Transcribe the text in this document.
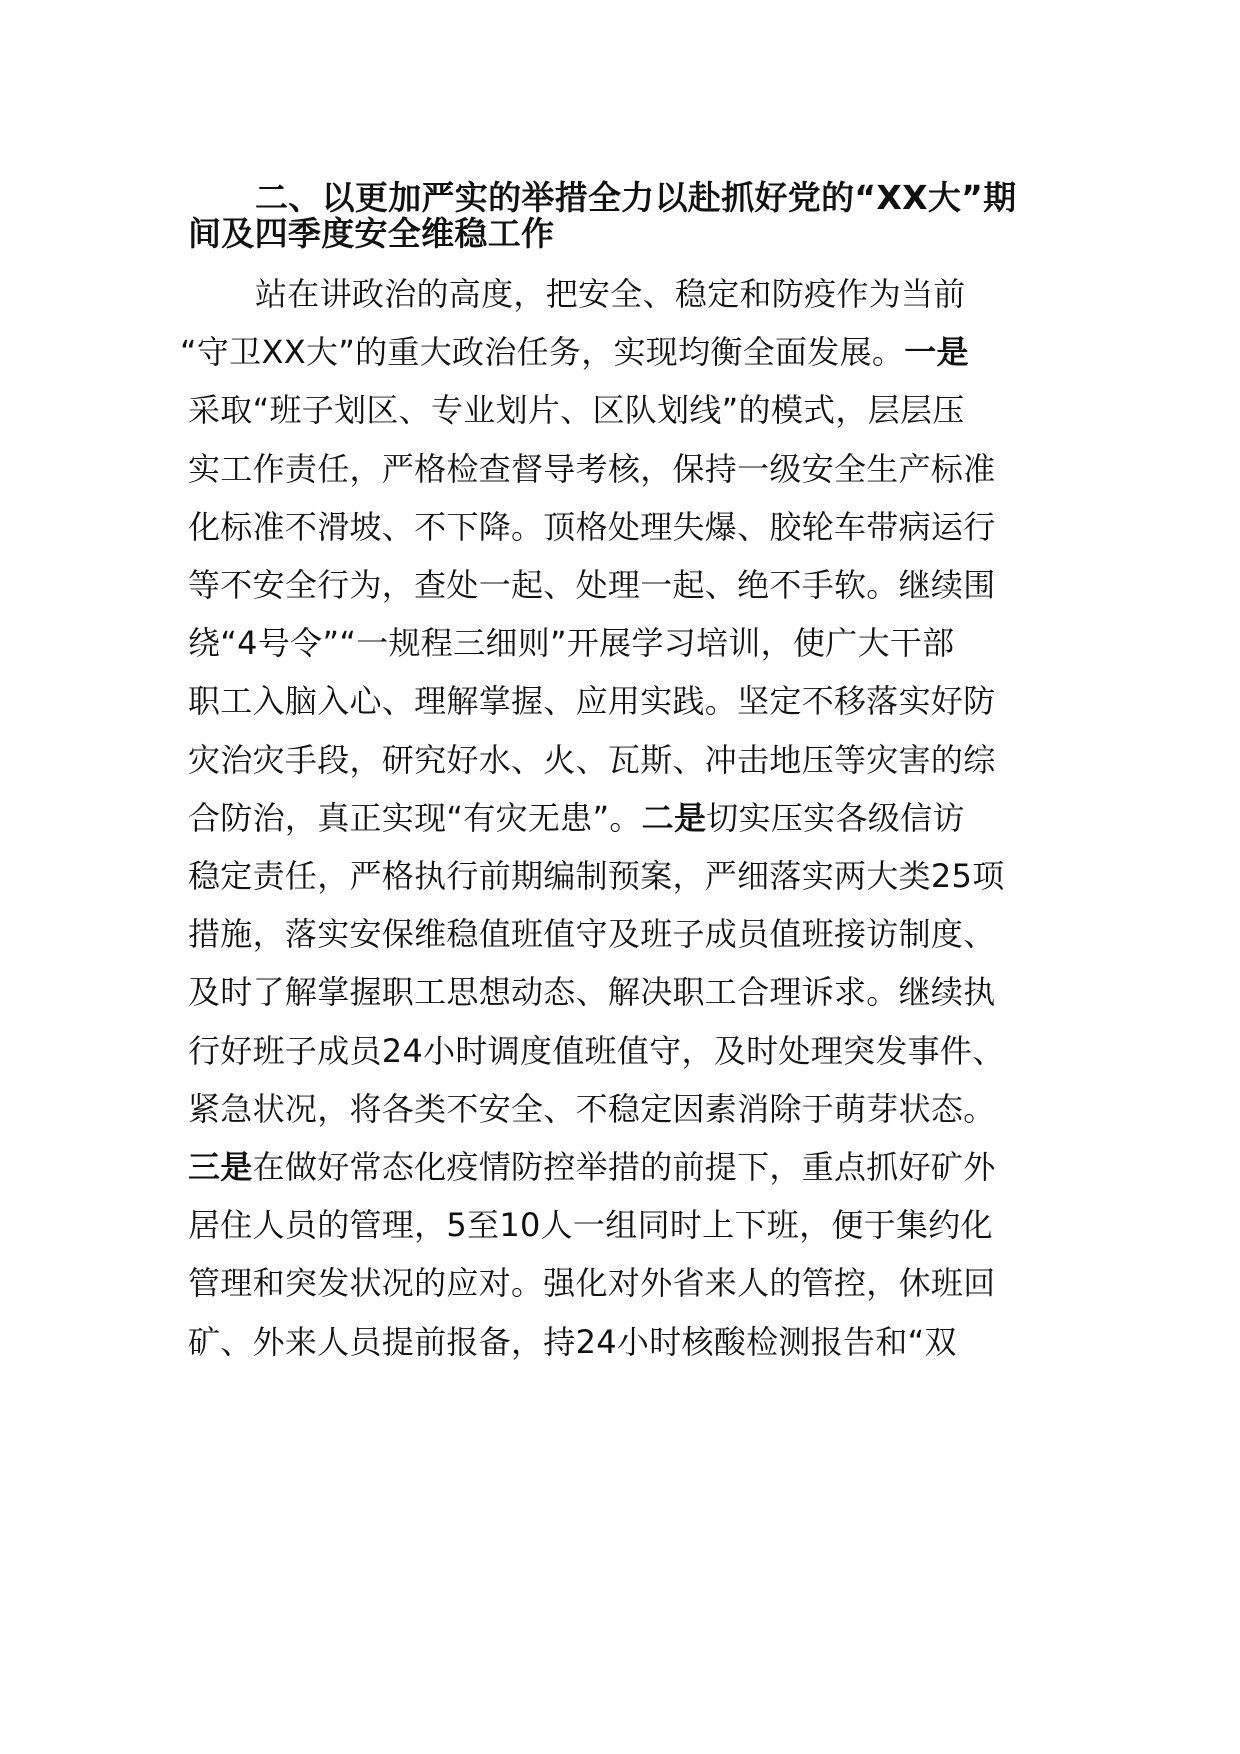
二、以更加严实的举措全力以赴抓好党的“XX大”期
间及四季度安全维稳工作
站在讲政治的高度，把安全、稳定和防疫作为当前
“守卫XX大”的重大政治任务，实现均衡全面发展。一是
采取“班子划区、专业划片、区队划线”的模式，层层压
实工作责任，严格检查督导考核，保持一级安全生产标准
化标准不滑坡、不下降。顶格处理失爆、胶轮车带病运行
等不安全行为，查处一起、处理一起、绝不手软。继续围
绕“4号令”“一规程三细则”开展学习培训，使广大干部
职工入脑入心、理解掌握、应用实践。坚定不移落实好防
灾治灾手段，研究好水、火、瓦斯、冲击地压等灾害的综
合防治，真正实现“有灾无患”。二是切实压实各级信访
稳定责任，严格执行前期编制预案，严细落实两大类25项
措施，落实安保维稳值班值守及班子成员值班接访制度、
及时了解掌握职工思想动态、解决职工合理诉求。继续执
行好班子成员24小时调度值班值守，及时处理突发事件、
紧急状况，将各类不安全、不稳定因素消除于萌芽状态。
三是在做好常态化疫情防控举措的前提下，重点抓好矿外
居住人员的管理，5至10人一组同时上下班，便于集约化
管理和突发状况的应对。强化对外省来人的管控，休班回
矿、外来人员提前报备，持24小时核酸检测报告和“双
